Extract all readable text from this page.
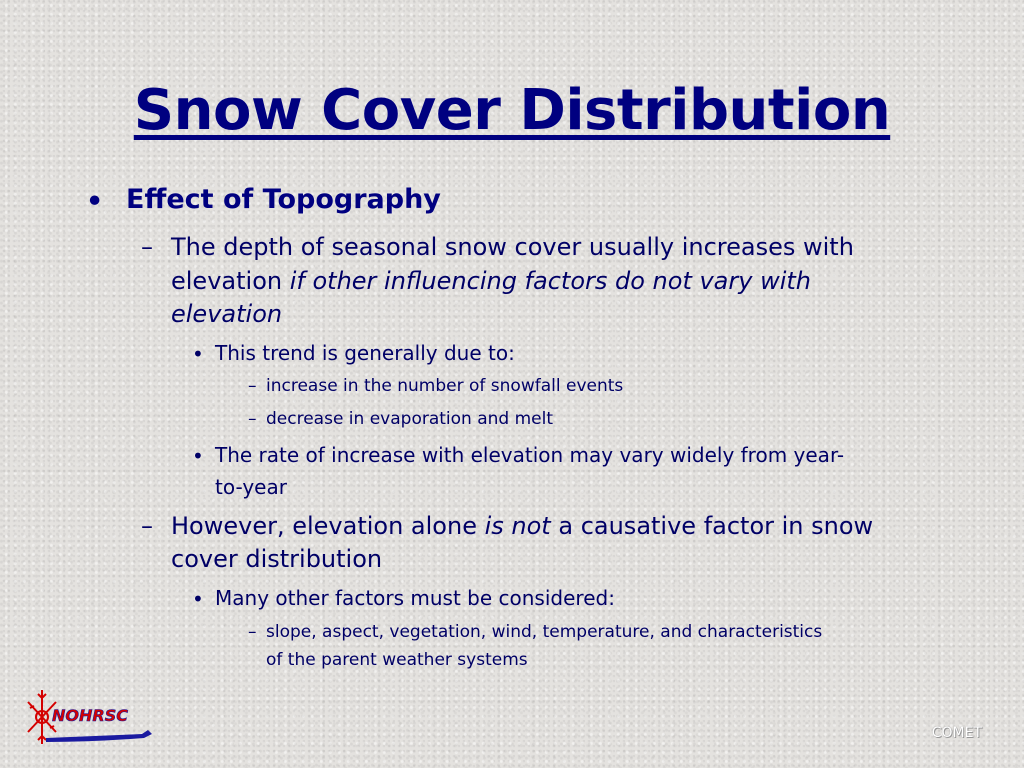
Snow Cover Distribution
• Effect of Topography
– The depth of seasonal snow cover usually increases with
elevation if other influencing factors do not vary with
elevation
• This trend is generally due to:
– increase in the number of snowfall events
– decrease in evaporation and melt
• The rate of increase with elevation may vary widely from year-
to-year
– However, elevation alone is not a causative factor in snow
cover distribution
• Many other factors must be considered:
– slope, aspect, vegetation, wind, temperature, and characteristics
of the parent weather systems
NOHRSC
COMET
